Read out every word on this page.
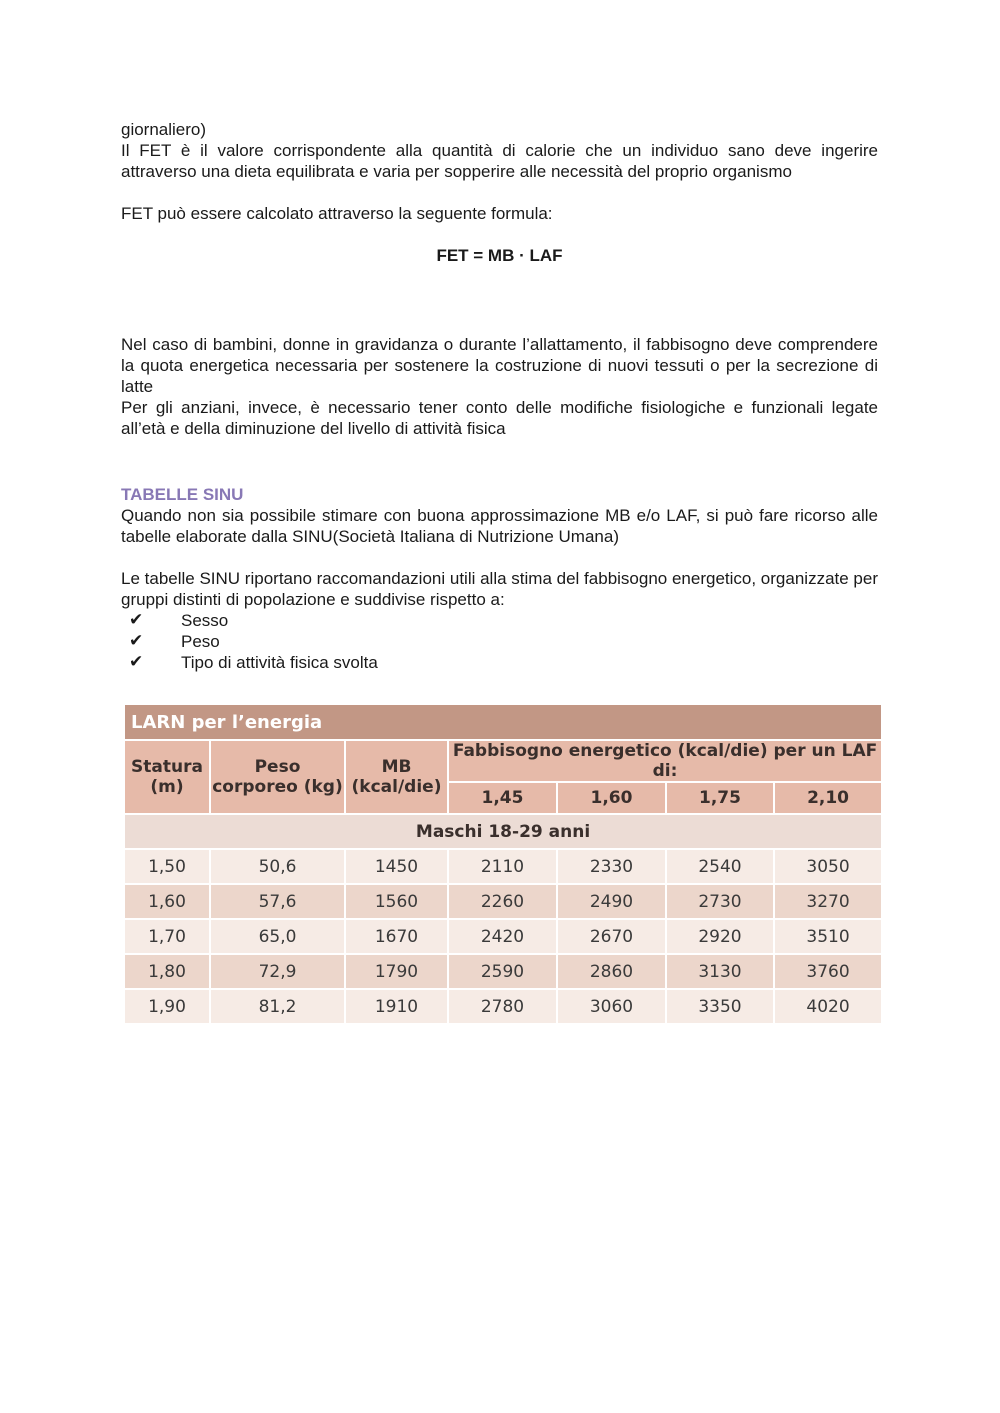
giornaliero)

Il FET è il valore corrispondente alla quantità di calorie che un individuo sano deve ingerire attraverso una dieta equilibrata e varia per sopperire alle necessità del proprio organismo

FET può essere calcolato attraverso la seguente formula:

FET = MB · LAF

Nel caso di bambini, donne in gravidanza o durante l’allattamento, il fabbisogno deve comprendere la quota energetica necessaria per sostenere la costruzione di nuovi tessuti o per la secrezione di latte

Per gli anziani, invece, è necessario tener conto delle modifiche fisiologiche e funzionali legate all’età e della diminuzione del livello di attività fisica

TABELLE SINU

Quando non sia possibile stimare con buona approssimazione MB e/o LAF, si può fare ricorso alle tabelle elaborate dalla SINU(Società Italiana di Nutrizione Umana)

Le tabelle SINU riportano raccomandazioni utili alla stima del fabbisogno energetico, organizzate per gruppi distinti di popolazione e suddivise rispetto a:

✔	Sesso
✔	Peso
✔	Tipo di attività fisica svolta
LARN per l’energia						
Statura (m)	Peso corporeo (kg)	MB (kcal/die)	Fabbisogno energetico (kcal/die) per un LAF di:			
			1,45	1,60	1,75	2,10
Maschi 18-29 anni						
1,50	50,6	1450	2110	2330	2540	3050
1,60	57,6	1560	2260	2490	2730	3270
1,70	65,0	1670	2420	2670	2920	3510
1,80	72,9	1790	2590	2860	3130	3760
1,90	81,2	1910	2780	3060	3350	4020
